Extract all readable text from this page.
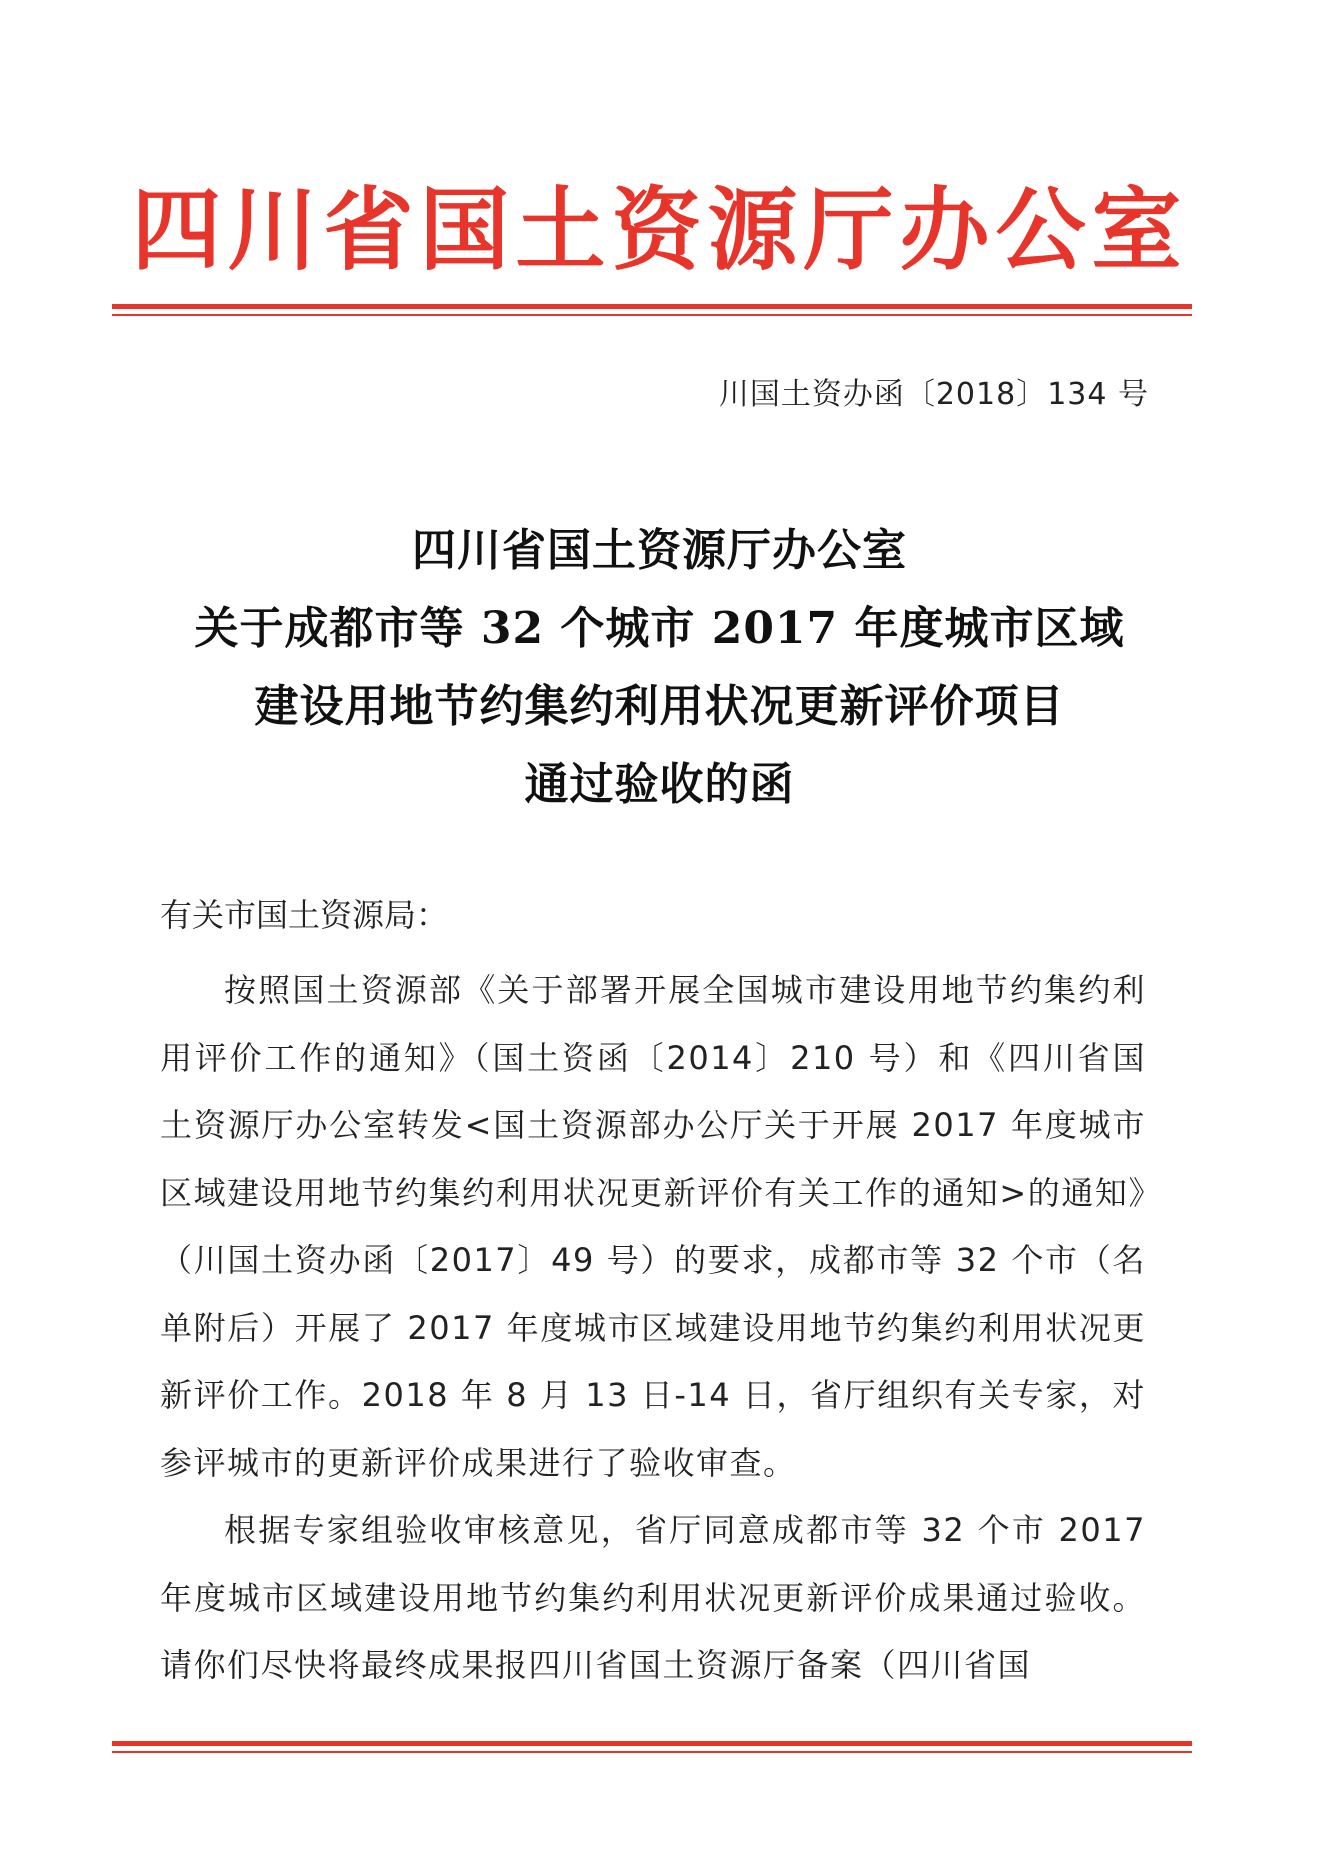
四川省国土资源厅办公室
川国土资办函〔2018〕134 号
四川省国土资源厅办公室
关于成都市等 32 个城市 2017 年度城市区域
建设用地节约集约利用状况更新评价项目
通过验收的函
有关市国土资源局：

按照国土资源部《关于部署开展全国城市建设用地节约集约利用评价工作的通知》（国土资函〔2014〕210 号）和《四川省国土资源厅办公室转发<国土资源部办公厅关于开展 2017 年度城市区域建设用地节约集约利用状况更新评价有关工作的通知>的通知》（川国土资办函〔2017〕49 号）的要求，成都市等 32 个市（名单附后）开展了 2017 年度城市区域建设用地节约集约利用状况更新评价工作。2018 年 8 月 13 日-14 日，省厅组织有关专家，对参评城市的更新评价成果进行了验收审查。

根据专家组验收审核意见，省厅同意成都市等 32 个市 2017 年度城市区域建设用地节约集约利用状况更新评价成果通过验收。请你们尽快将最终成果报四川省国土资源厅备案（四川省国
